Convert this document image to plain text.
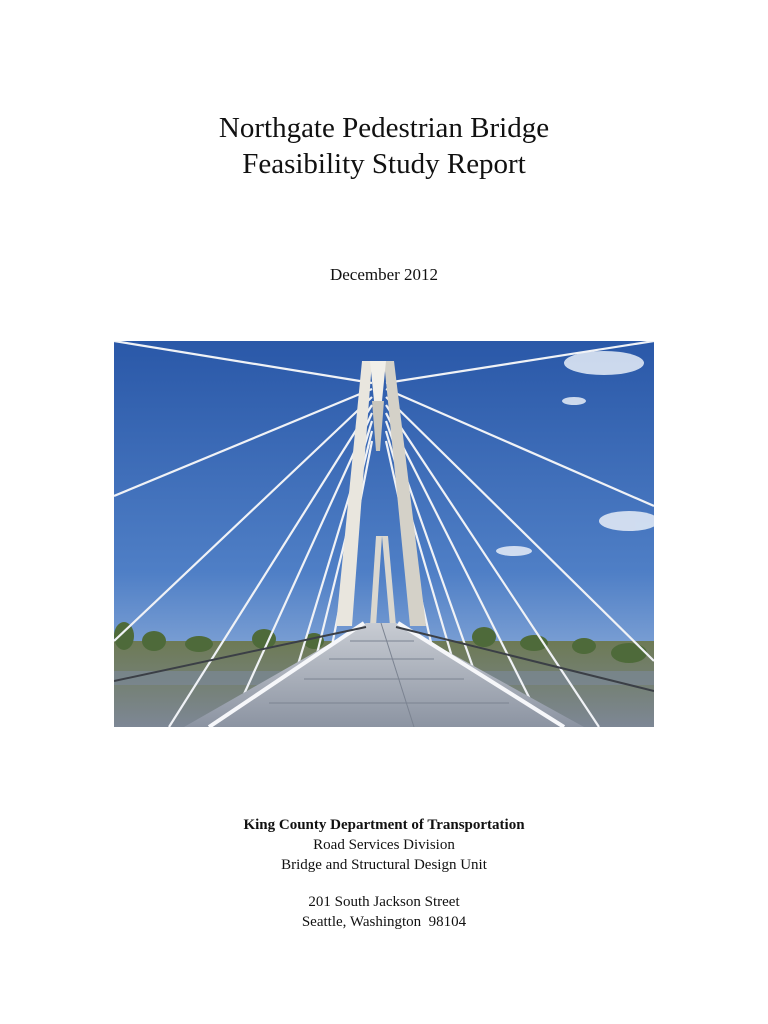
Northgate Pedestrian Bridge
Feasibility Study Report
December 2012
King County Department of Transportation
Road Services Division
Bridge and Structural Design Unit
201 South Jackson Street
Seattle, Washington  98104
